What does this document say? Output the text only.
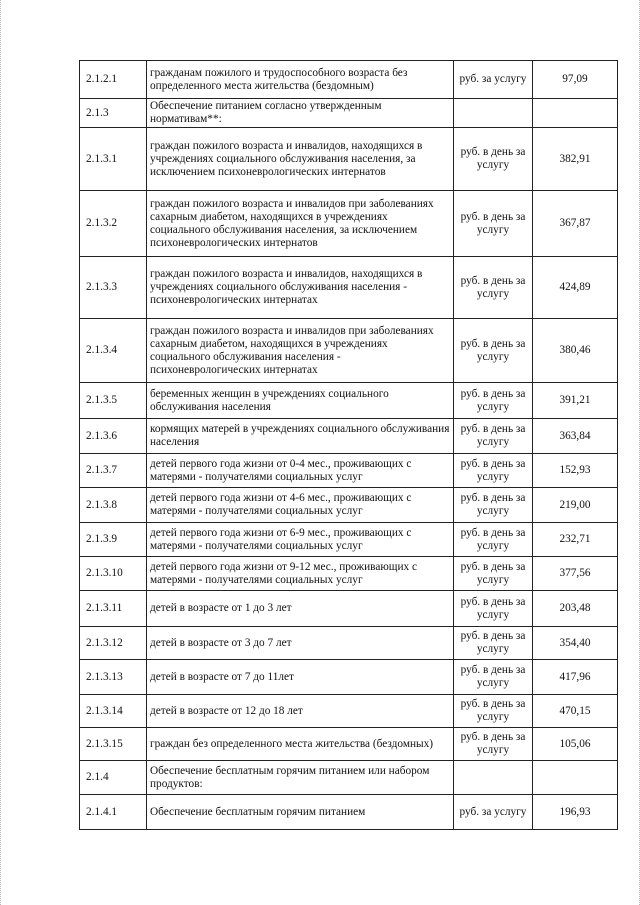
2.1.2.1	гражданам пожилого и трудоспособного возраста без определенного места жительства (бездомным)	руб. за услугу	97,09
2.1.3	Обеспечение питанием согласно утвержденным нормативам**:		
2.1.3.1	граждан пожилого возраста и инвалидов, находящихся в учреждениях социального обслуживания населения, за исключением психоневрологических интернатов	руб. в день за услугу	382,91
2.1.3.2	граждан пожилого возраста и инвалидов при заболеваниях сахарным диабетом, находящихся в учреждениях социального обслуживания населения, за исключением психоневрологических интернатов	руб. в день за услугу	367,87
2.1.3.3	граждан пожилого возраста и инвалидов, находящихся в учреждениях социального обслуживания населения - психоневрологических интернатах	руб. в день за услугу	424,89
2.1.3.4	граждан пожилого возраста и инвалидов при заболеваниях сахарным диабетом, находящихся в учреждениях социального обслуживания населения - психоневрологических интернатах	руб. в день за услугу	380,46
2.1.3.5	беременных женщин в учреждениях социального обслуживания населения	руб. в день за услугу	391,21
2.1.3.6	кормящих матерей в учреждениях социального обслуживания населения	руб. в день за услугу	363,84
2.1.3.7	детей первого года жизни от 0-4 мес., проживающих с матерями - получателями социальных услуг	руб. в день за услугу	152,93
2.1.3.8	детей первого года жизни от 4-6 мес., проживающих с матерями - получателями социальных услуг	руб. в день за услугу	219,00
2.1.3.9	детей первого года жизни от 6-9 мес., проживающих с матерями - получателями социальных услуг	руб. в день за услугу	232,71
2.1.3.10	детей первого года жизни от 9-12 мес., проживающих с матерями - получателями социальных услуг	руб. в день за услугу	377,56
2.1.3.11	детей в возрасте от 1 до 3 лет	руб. в день за услугу	203,48
2.1.3.12	детей в возрасте от 3 до 7 лет	руб. в день за услугу	354,40
2.1.3.13	детей в возрасте от 7 до 11лет	руб. в день за услугу	417,96
2.1.3.14	детей в возрасте от 12 до 18 лет	руб. в день за услугу	470,15
2.1.3.15	граждан без определенного места жительства (бездомных)	руб. в день за услугу	105,06
2.1.4	Обеспечение бесплатным горячим питанием или набором продуктов:		
2.1.4.1	Обеспечение бесплатным горячим питанием	руб. за услугу	196,93
